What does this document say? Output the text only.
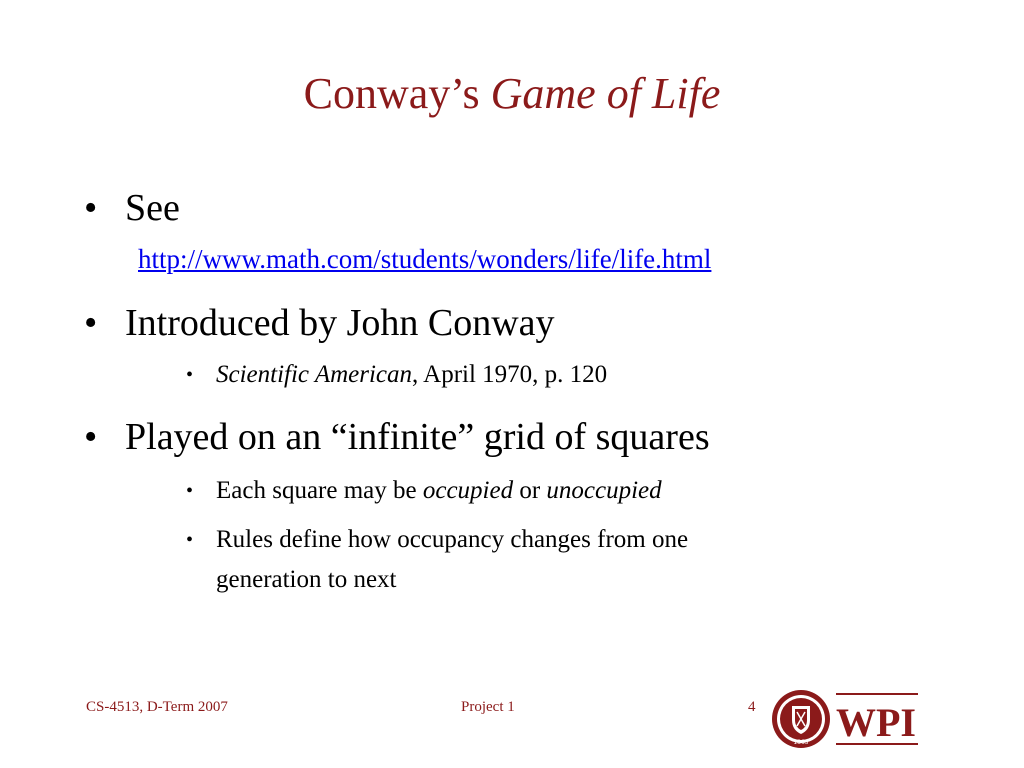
Conway’s Game of Life
• See
http://www.math.com/students/wonders/life/life.html
• Introduced by John Conway
• Scientific American, April 1970, p. 120
• Played on an “infinite” grid of squares
• Each square may be occupied or unoccupied
• Rules define how occupancy changes from one
generation to next
CS-4513, D-Term 2007	Project 1	4
1865 WPI
